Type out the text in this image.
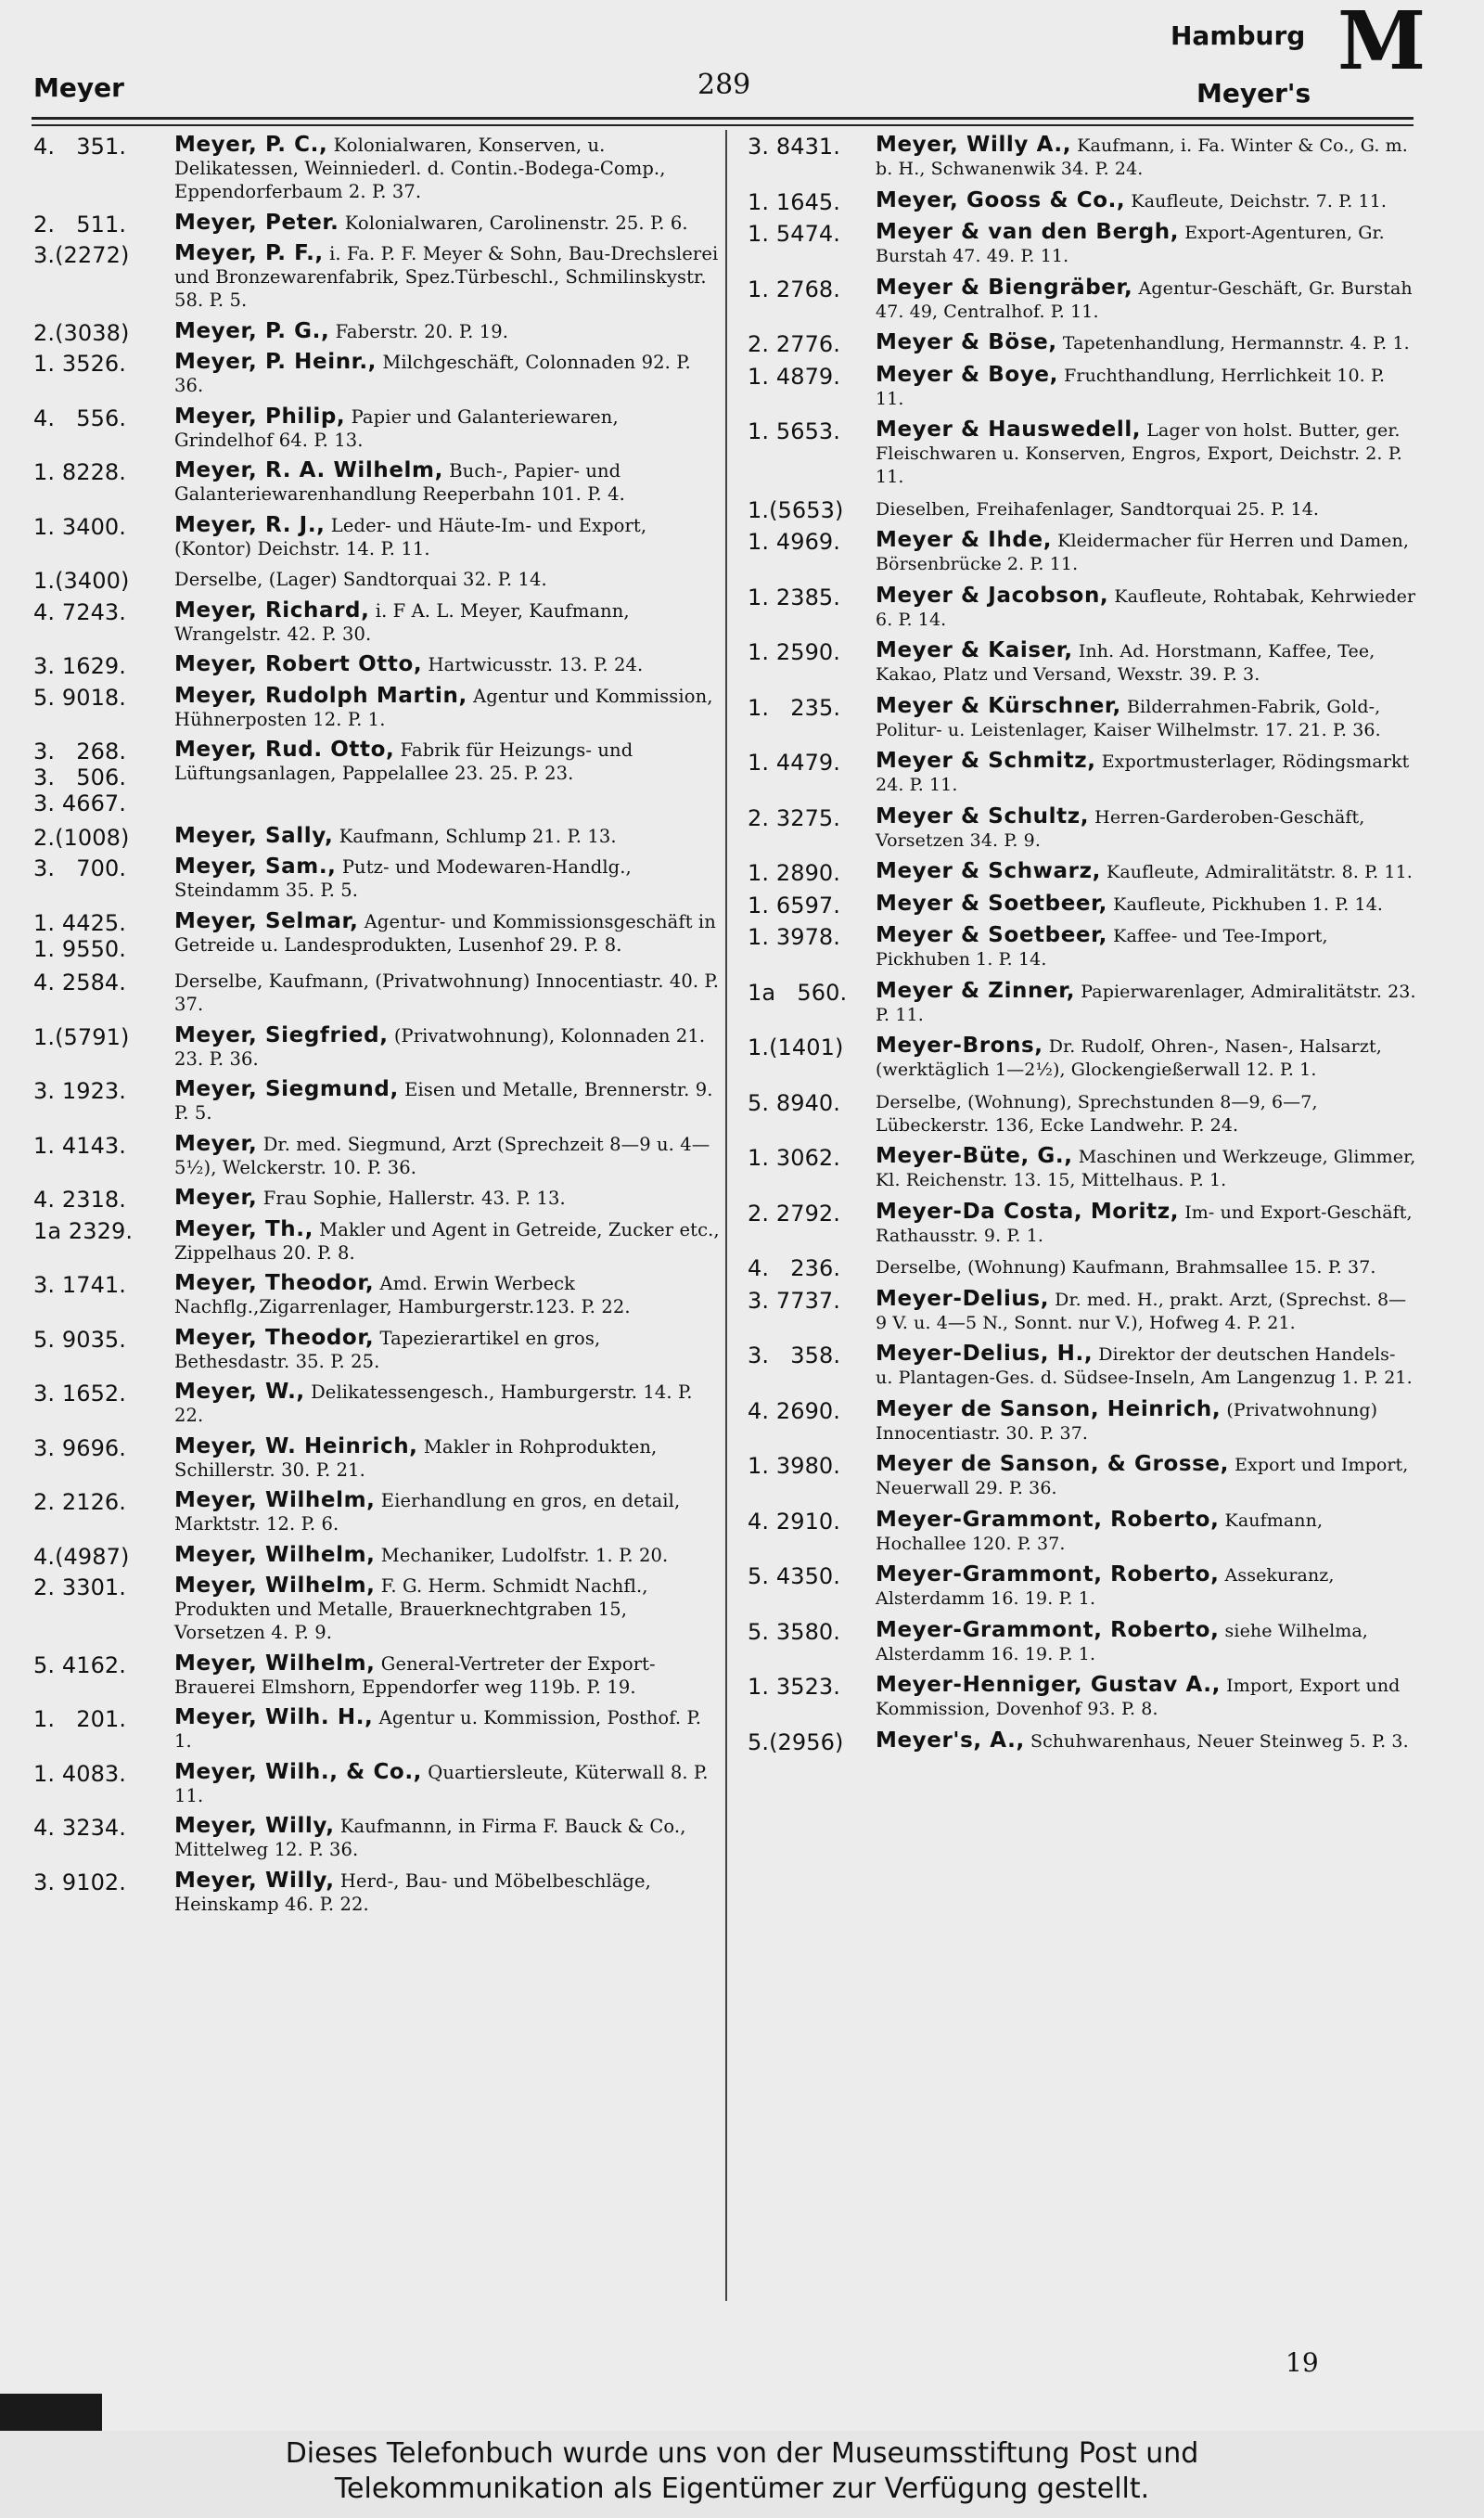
Meyer	289
Hamburg
Meyer's
M
4.   351. Meyer, P. C., Kolonialwaren, Konserven, u. Delikatessen, Weinniederl. d. Contin.-Bodega-Comp., Eppendorferbaum 2. P. 37.
2.   511. Meyer, Peter. Kolonialwaren, Carolinenstr. 25. P. 6.
3.(2272) Meyer, P. F., i. Fa. P. F. Meyer & Sohn, Bau-Drechslerei und Bronzewarenfabrik, Spez.Türbeschl., Schmilinskystr. 58. P. 5.
2.(3038) Meyer, P. G., Faberstr. 20. P. 19.
1. 3526. Meyer, P. Heinr., Milchgeschäft, Colonnaden 92. P. 36.
4.   556. Meyer, Philip, Papier und Galanteriewaren, Grindelhof 64. P. 13.
1. 8228. Meyer, R. A. Wilhelm, Buch-, Papier- und Galanteriewarenhandlung Reeperbahn 101. P. 4.
1. 3400. Meyer, R. J., Leder- und Häute-Im- und Export, (Kontor) Deichstr. 14. P. 11.
1.(3400) Derselbe, (Lager) Sandtorquai 32. P. 14.
4. 7243. Meyer, Richard, i. F A. L. Meyer, Kaufmann, Wrangelstr. 42. P. 30.
3. 1629. Meyer, Robert Otto, Hartwicusstr. 13. P. 24.
5. 9018. Meyer, Rudolph Martin, Agentur und Kommission, Hühnerposten 12. P. 1.
3.   268.
3.   506.
3. 4667.
Meyer, Rud. Otto, Fabrik für Heizungs- und Lüftungsanlagen, Pappelallee 23. 25. P. 23.
2.(1008) Meyer, Sally, Kaufmann, Schlump 21. P. 13.
3.   700. Meyer, Sam., Putz- und Modewaren-Handlg., Steindamm 35. P. 5.
1. 4425.
1. 9550.
Meyer, Selmar, Agentur- und Kommissionsgeschäft in Getreide u. Landesprodukten, Lusenhof 29. P. 8.
4. 2584.	Derselbe, Kaufmann, (Privatwohnung) Innocentiastr. 40. P. 37.
1.(5791) Meyer, Siegfried, (Privatwohnung), Kolonnaden 21. 23. P. 36.
3. 1923. Meyer, Siegmund, Eisen und Metalle, Brennerstr. 9. P. 5.
1. 4143. Meyer, Dr. med. Siegmund, Arzt (Sprechzeit 8—9 u. 4—5½), Welckerstr. 10. P. 36.
4. 2318. Meyer, Frau Sophie, Hallerstr. 43. P. 13.
1a 2329. Meyer, Th., Makler und Agent in Getreide, Zucker etc., Zippelhaus 20. P. 8.
3. 1741. Meyer, Theodor, Amd. Erwin Werbeck Nachflg.,Zigarrenlager, Hamburgerstr.123. P. 22.
5. 9035. Meyer, Theodor, Tapezierartikel en gros, Bethesdastr. 35. P. 25.
3. 1652. Meyer, W., Delikatessengesch., Hamburgerstr. 14. P. 22.
3. 9696. Meyer, W. Heinrich, Makler in Rohprodukten, Schillerstr. 30. P. 21.
2. 2126. Meyer, Wilhelm, Eierhandlung en gros, en detail, Marktstr. 12. P. 6.
4.(4987) Meyer, Wilhelm, Mechaniker, Ludolfstr. 1. P. 20.
2. 3301. Meyer, Wilhelm, F. G. Herm. Schmidt Nachfl., Produkten und Metalle, Brauerknechtgraben 15, Vorsetzen 4. P. 9.
5. 4162. Meyer, Wilhelm, General-Vertreter der Export-Brauerei Elmshorn, Eppendorfer weg 119b. P. 19.
1.   201. Meyer, Wilh. H., Agentur u. Kommission, Posthof. P. 1.
1. 4083. Meyer, Wilh., & Co., Quartiersleute, Küterwall 8. P. 11.
4. 3234. Meyer, Willy, Kaufmannn, in Firma F. Bauck & Co., Mittelweg 12. P. 36.
3. 9102. Meyer, Willy, Herd-, Bau- und Möbelbeschläge, Heinskamp 46. P. 22.
3. 8431. Meyer, Willy A., Kaufmann, i. Fa. Winter & Co., G. m. b. H., Schwanenwik 34. P. 24.
1. 1645. Meyer, Gooss & Co., Kaufleute, Deichstr. 7. P. 11.
1. 5474. Meyer & van den Bergh, Export-Agenturen, Gr. Burstah 47. 49. P. 11.
1. 2768. Meyer & Biengräber, Agentur-Geschäft, Gr. Burstah 47. 49, Centralhof. P. 11.
2. 2776. Meyer & Böse, Tapetenhandlung, Hermannstr. 4. P. 1.
1. 4879. Meyer & Boye, Fruchthandlung, Herrlichkeit 10. P. 11.
1. 5653. Meyer & Hauswedell, Lager von holst. Butter, ger. Fleischwaren u. Konserven, Engros, Export, Deichstr. 2. P. 11.
1.(5653) Dieselben, Freihafenlager, Sandtorquai 25. P. 14.
1. 4969. Meyer & Ihde, Kleidermacher für Herren und Damen, Börsenbrücke 2. P. 11.
1. 2385. Meyer & Jacobson, Kaufleute, Rohtabak, Kehrwieder 6. P. 14.
1. 2590. Meyer & Kaiser, Inh. Ad. Horstmann, Kaffee, Tee, Kakao, Platz und Versand, Wexstr. 39. P. 3.
1.   235. Meyer & Kürschner, Bilderrahmen-Fabrik, Gold-, Politur- u. Leistenlager, Kaiser Wilhelmstr. 17. 21. P. 36.
1. 4479. Meyer & Schmitz, Exportmusterlager, Rödingsmarkt 24. P. 11.
2. 3275. Meyer & Schultz, Herren-Garderoben-Geschäft, Vorsetzen 34. P. 9.
1. 2890. Meyer & Schwarz, Kaufleute, Admiralitätstr. 8. P. 11.
1. 6597. Meyer & Soetbeer, Kaufleute, Pickhuben 1. P. 14.
1. 3978. Meyer & Soetbeer, Kaffee- und Tee-Import, Pickhuben 1. P. 14.
1a   560. Meyer & Zinner, Papierwarenlager, Admiralitätstr. 23. P. 11.
1.(1401) Meyer-Brons, Dr. Rudolf, Ohren-, Nasen-, Halsarzt, (werktäglich 1—2½), Glockengießerwall 12. P. 1.
5. 8940. Derselbe, (Wohnung), Sprechstunden 8—9, 6—7, Lübeckerstr. 136, Ecke Landwehr. P. 24.
1. 3062. Meyer-Büte, G., Maschinen und Werkzeuge, Glimmer, Kl. Reichenstr. 13. 15, Mittelhaus. P. 1.
2. 2792. Meyer-Da Costa, Moritz, Im- und Export-Geschäft, Rathausstr. 9. P. 1.
4.   236. Derselbe, (Wohnung) Kaufmann, Brahmsallee 15. P. 37.
3. 7737. Meyer-Delius, Dr. med. H., prakt. Arzt, (Sprechst. 8—9 V. u. 4—5 N., Sonnt. nur V.), Hofweg 4. P. 21.
3.   358. Meyer-Delius, H., Direktor der deutschen Handels- u. Plantagen-Ges. d. Südsee-Inseln, Am Langenzug 1. P. 21.
4. 2690. Meyer de Sanson, Heinrich, (Privatwohnung) Innocentiastr. 30. P. 37.
1. 3980. Meyer de Sanson, & Grosse, Export und Import, Neuerwall 29. P. 36.
4. 2910. Meyer-Grammont, Roberto, Kaufmann, Hochallee 120. P. 37.
5. 4350. Meyer-Grammont, Roberto, Assekuranz, Alsterdamm 16. 19. P. 1.
5. 3580. Meyer-Grammont, Roberto, siehe Wilhelma, Alsterdamm 16. 19. P. 1.
1. 3523. Meyer-Henniger, Gustav A., Import, Export und Kommission, Dovenhof 93. P. 8.
5.(2956) Meyer's, A., Schuhwarenhaus, Neuer Steinweg 5. P. 3.
19
Dieses Telefonbuch wurde uns von der Museumsstiftung Post und
Telekommunikation als Eigentümer zur Verfügung gestellt.
